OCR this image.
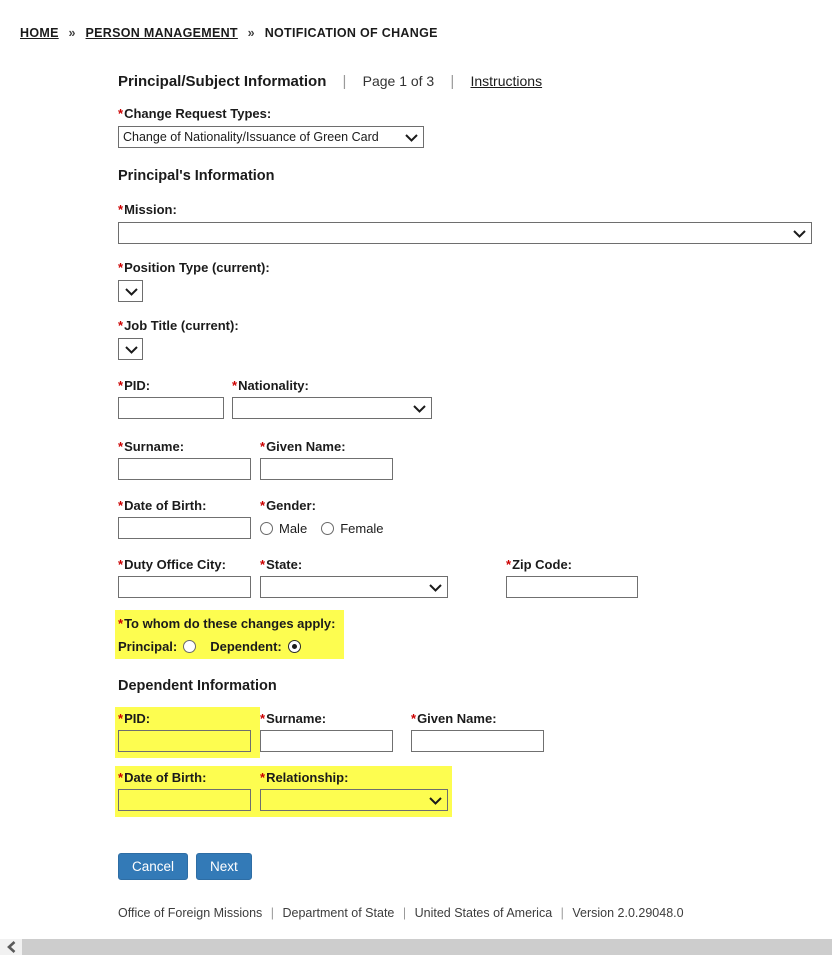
HOME » PERSON MANAGEMENT » NOTIFICATION OF CHANGE
Principal/Subject Information | Page 1 of 3 | Instructions
*Change Request Types:
Change of Nationality/Issuance of Green Card
Principal's Information
*Mission:
*Position Type (current):
*Job Title (current):
*PID:	*Nationality:
*Surname:	*Given Name:
*Date of Birth:	*Gender:
Male	Female
*Duty Office City:	*State:	*Zip Code:
*To whom do these changes apply:
Principal:	Dependent:
Dependent Information
*PID:	*Surname:	*Given Name:
*Date of Birth:	*Relationship:
Cancel	Next
Office of Foreign Missions | Department of State | United States of America | Version 2.0.29048.0
